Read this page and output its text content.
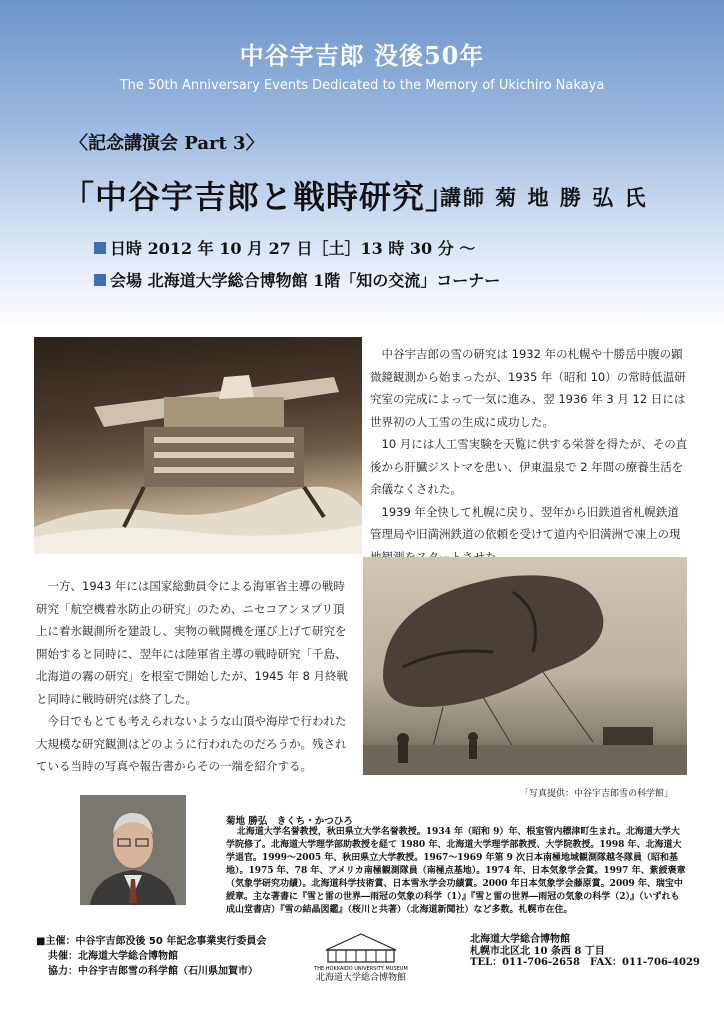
中谷宇吉郎 没後50年
The 50th Anniversary Events Dedicated to the Memory of Ukichiro Nakaya
〈記念講演会 Part 3〉
「中谷宇吉郎と戦時研究」
講師 菊 地 勝 弘 氏
日時 2012 年 10 月 27 日［土］13 時 30 分 ～
会場 北海道大学総合博物館 1階「知の交流」コーナー

中谷宇吉郎の雪の研究は 1932 年の札幌や十勝岳中腹の顕微鏡観測から始まったが、1935 年（昭和 10）の常時低温研究室の完成によって一気に進み、翌 1936 年 3 月 12 日には世界初の人工雪の生成に成功した。

10 月には人工雪実験を天覧に供する栄誉を得たが、その直後から肝臓ジストマを患い、伊東温泉で 2 年間の療養生活を余儀なくされた。

1939 年全快して札幌に戻り、翌年から旧鉄道省札幌鉄道管理局や旧満洲鉄道の依頼を受けて道内や旧満洲で凍上の現

一方、1943 年には国家総動員令による海軍省主導の戦時研究「航空機着氷防止の研究」のため、ニセコアンヌプリ頂上に着氷観測所を建設し、実物の戦闘機を運び上げて研究を開始すると同時に、翌年には陸軍省主導の戦時研究「千島、北海道の霧の研究」を根室で開始したが、1945 年 8 月終戦と同時に戦時研究は終了した。

今日でもとても考えられないような山頂や海岸で行われた大規模な研究観測はどのように行われたのだろうか。残されている当時の写真や報告書からその一端を紹介する。

「写真提供：中谷宇吉郎雪の科学館」
菊地 勝弘　きくち・かつひろ
北海道大学名誉教授，秋田県立大学名誉教授。1934 年（昭和 9）年、根室管内標津町生まれ。北海道大学大学院修了。北海道大学理学部助教授を経て 1980 年、北海道大学理学部教授、大学院教授。1998 年、北海道大学退官。1999～2005 年、秋田県立大学教授。1967～1969 年第 9 次日本南極地域観測隊越冬隊員（昭和基地）。1975 年、78 年、アメリカ南極観測隊員（南極点基地）。1974 年、日本気象学会賞。1997 年、紫綬褒章（気象学研究功績）。北海道科学技術賞、日本雪氷学会功績賞。2000 年日本気象学会藤原賞。2009 年、瑞宝中綬章。主な著書に『雪と雷の世界―雨冠の気象の科学（1）』『雪と雷の世界―雨冠の気象の科学（2）』（いずれも成山堂書店）『雪の結晶図鑑』（桜川と共著）（北海道新聞社）など多数。札幌市在住。
■主催：中谷宇吉郎没後 50 年記念事業実行委員会
共催：北海道大学総合博物館
協力：中谷宇吉郎雪の科学館（石川県加賀市）	THE HOKKAIDO UNIVERSITY MUSEUM
北海道大学総合博物館
北海道大学総合博物館
札幌市北区北 10 条西 8 丁目
TEL：011-706-2658　FAX：011-706-4029
